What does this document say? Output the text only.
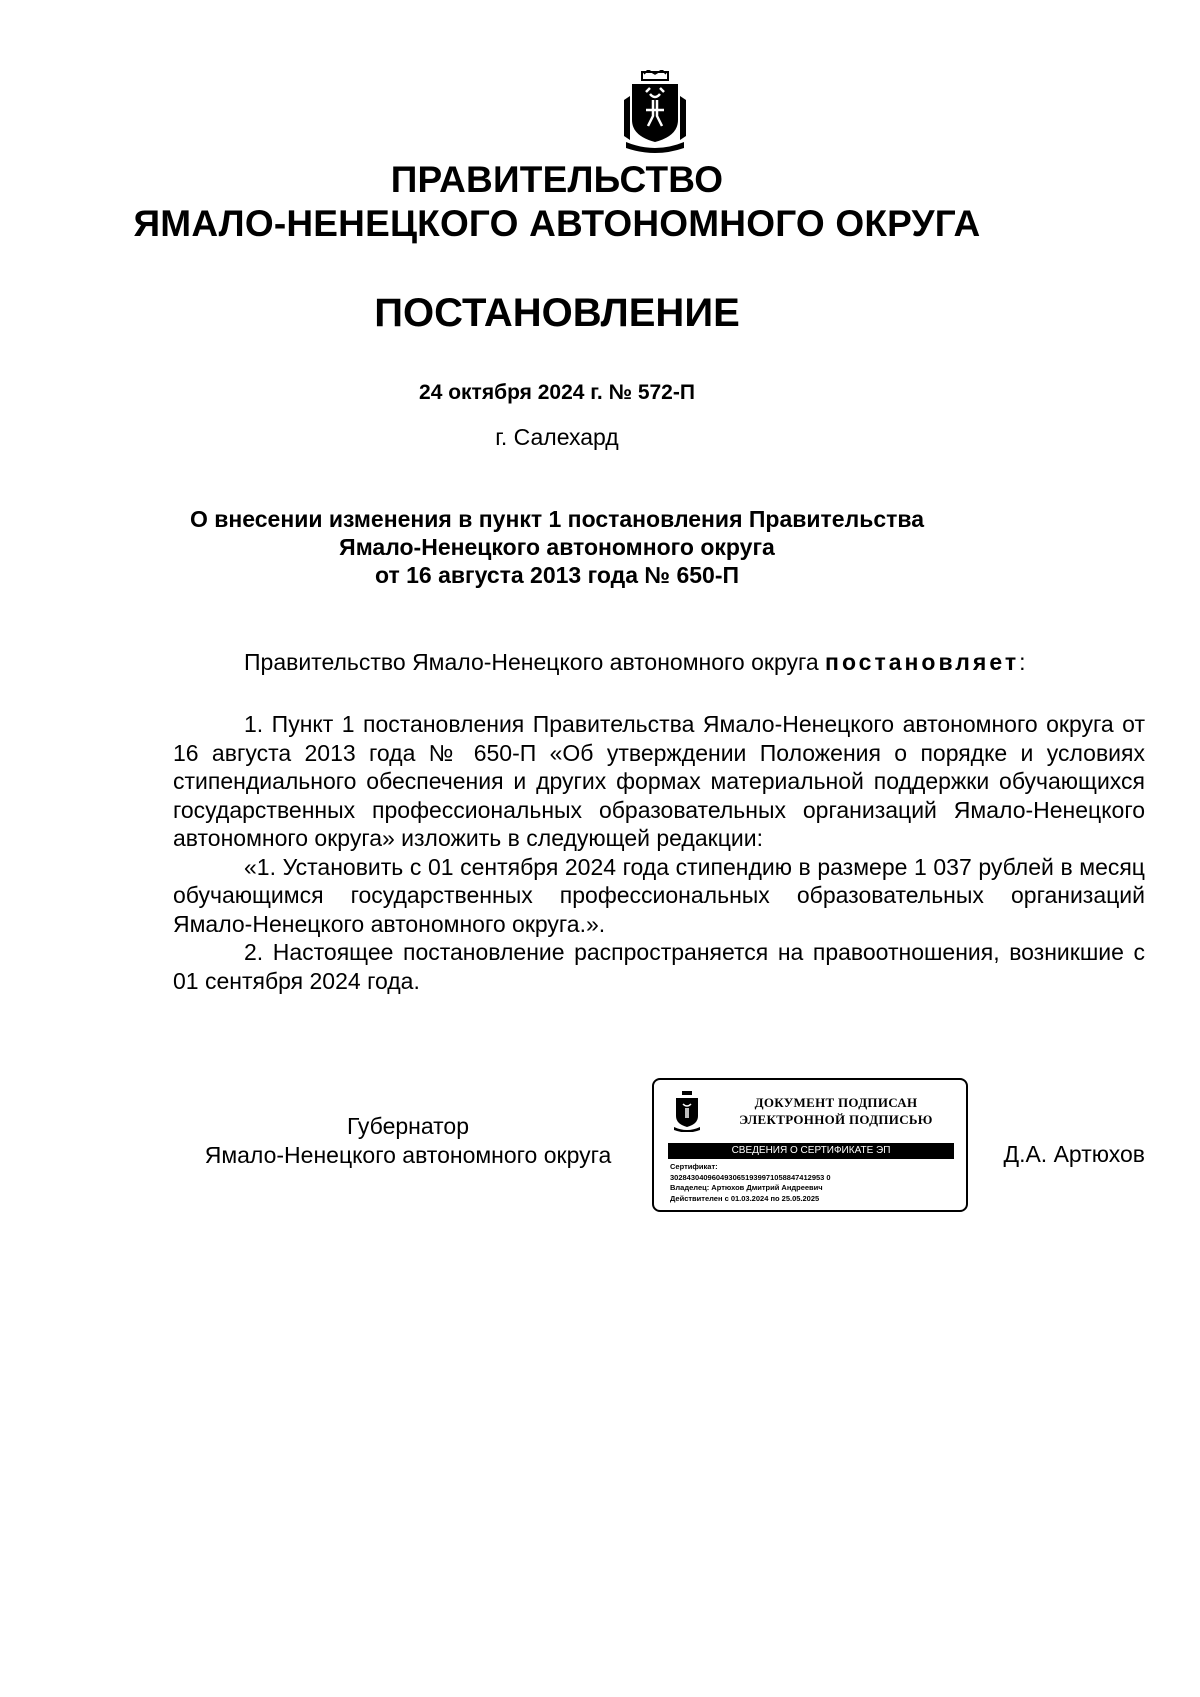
ПРАВИТЕЛЬСТВО
ЯМАЛО-НЕНЕЦКОГО АВТОНОМНОГО ОКРУГА
ПОСТАНОВЛЕНИЕ
24 октября 2024 г. № 572-П
г. Салехард
О внесении изменения в пункт 1 постановления Правительства
Ямало-Ненецкого автономного округа
от 16 августа 2013 года № 650-П
Правительство Ямало-Ненецкого автономного округа постановляет:

1. Пункт 1 постановления Правительства Ямало-Ненецкого автономного округа от 16 августа 2013 года № 650-П «Об утверждении Положения о порядке и условиях стипендиального обеспечения и других формах материальной поддержки обучающихся государственных профессиональных образовательных организаций Ямало-Ненецкого автономного округа» изложить в следующей редакции:

«1. Установить с 01 сентября 2024 года стипендию в размере 1 037 рублей в месяц обучающимся государственных профессиональных образовательных организаций Ямало-Ненецкого автономного округа.».

2. Настоящее постановление распространяется на правоотношения, возникшие с 01 сентября 2024 года.

Губернатор
Ямало-Ненецкого автономного округа
ДОКУМЕНТ ПОДПИСАН
ЭЛЕКТРОННОЙ ПОДПИСЬЮ
СВЕДЕНИЯ О СЕРТИФИКАТЕ ЭП
Сертификат:
3028430409604930651939971058847412953 0
Владелец: Артюхов Дмитрий Андреевич
Действителен с 01.03.2024 по 25.05.2025
Д.А. Артюхов
